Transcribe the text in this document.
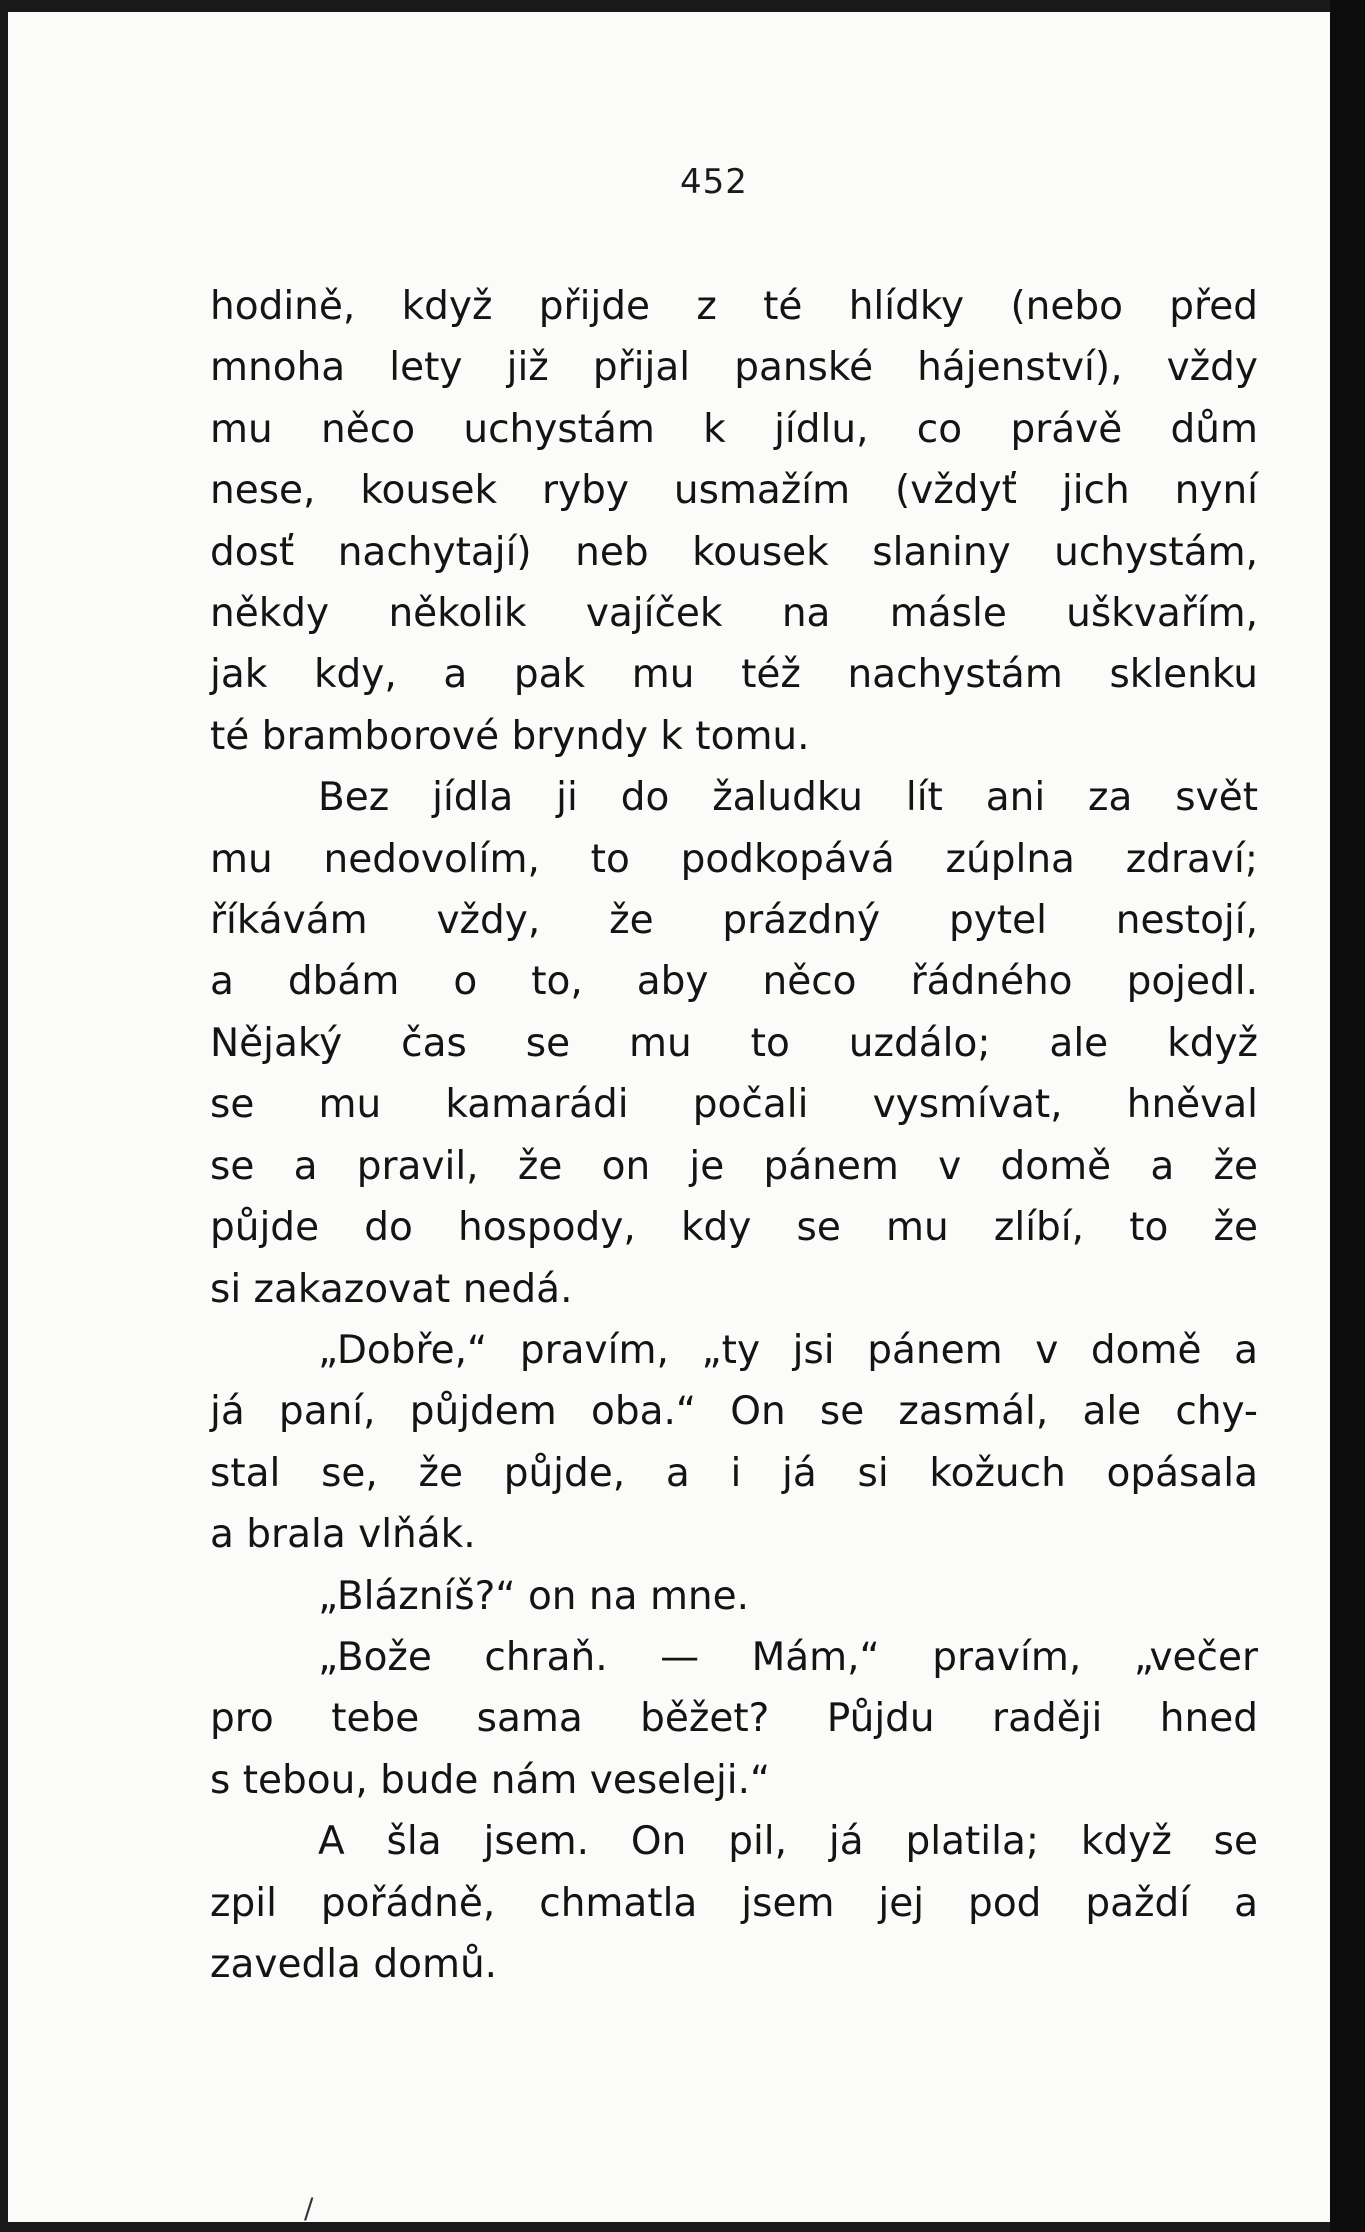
452

hodině, když přijde z té hlídky (nebo před

mnoha lety již přijal panské hájenství), vždy

mu něco uchystám k jídlu, co právě dům

nese, kousek ryby usmažím (vždyť jich nyní

dosť nachytají) neb kousek slaniny uchystám,

někdy několik vajíček na másle uškvařím,

jak kdy, a pak mu též nachystám sklenku

té bramborové bryndy k tomu.

Bez jídla ji do žaludku lít ani za svět

mu nedovolím, to podkopává zúplna zdraví;

říkávám vždy, že prázdný pytel nestojí,

a dbám o to, aby něco řádného pojedl.

Nějaký čas se mu to uzdálo; ale když

se mu kamarádi počali vysmívat, hněval

se a pravil, že on je pánem v domě a že

půjde do hospody, kdy se mu zlíbí, to že

si zakazovat nedá.

„Dobře,“ pravím, „ty jsi pánem v domě a

já paní, půjdem oba.“ On se zasmál, ale chy-

stal se, že půjde, a i já si kožuch opásala

a brala vlňák.

„Blázníš?“ on na mne.

„Bože chraň. — Mám,“ pravím, „večer

pro tebe sama běžet? Půjdu raději hned

s tebou, bude nám veseleji.“

A šla jsem. On pil, já platila; když se

zpil pořádně, chmatla jsem jej pod paždí a

zavedla domů.

/
